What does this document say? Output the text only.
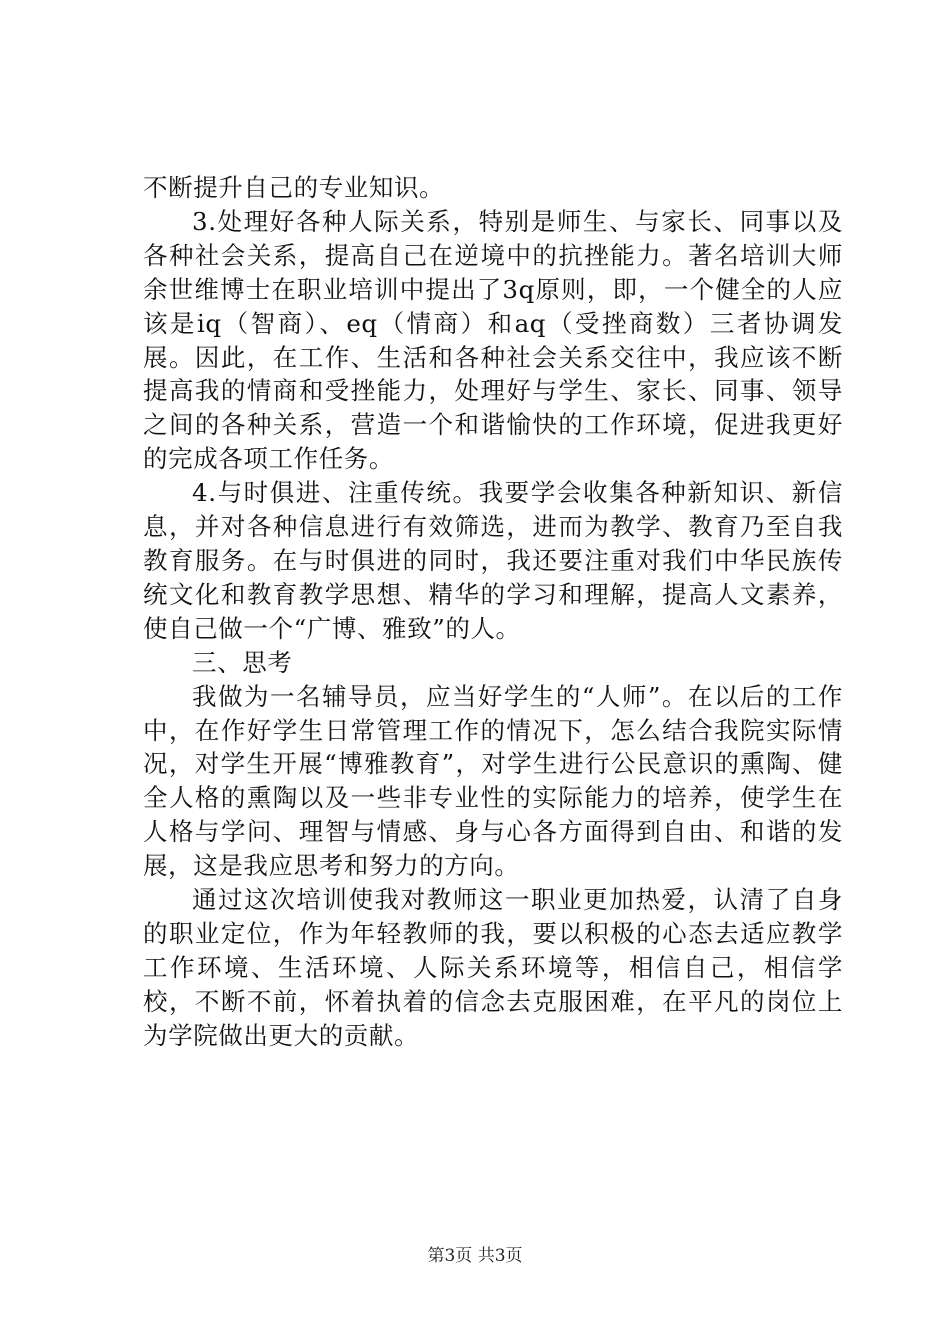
不断提升自己的专业知识。

3.处理好各种人际关系，特别是师生、与家长、同事以及各种社会关系，提高自己在逆境中的抗挫能力。著名培训大师余世维博士在职业培训中提出了3q原则，即，一个健全的人应该是iq（智商）、eq（情商）和aq（受挫商数）三者协调发展。因此，在工作、生活和各种社会关系交往中，我应该不断提高我的情商和受挫能力，处理好与学生、家长、同事、领导之间的各种关系，营造一个和谐愉快的工作环境，促进我更好的完成各项工作任务。

4.与时俱进、注重传统。我要学会收集各种新知识、新信息，并对各种信息进行有效筛选，进而为教学、教育乃至自我教育服务。在与时俱进的同时，我还要注重对我们中华民族传统文化和教育教学思想、精华的学习和理解，提高人文素养，使自己做一个“广博、雅致”的人。

三、思考

我做为一名辅导员，应当好学生的“人师”。在以后的工作中，在作好学生日常管理工作的情况下，怎么结合我院实际情况，对学生开展“博雅教育”，对学生进行公民意识的熏陶、健全人格的熏陶以及一些非专业性的实际能力的培养，使学生在人格与学问、理智与情感、身与心各方面得到自由、和谐的发展，这是我应思考和努力的方向。

通过这次培训使我对教师这一职业更加热爱，认清了自身的职业定位，作为年轻教师的我，要以积极的心态去适应教学工作环境、生活环境、人际关系环境等，相信自己，相信学校，不断不前，怀着执着的信念去克服困难，在平凡的岗位上为学院做出更大的贡献。

第3页 共3页
